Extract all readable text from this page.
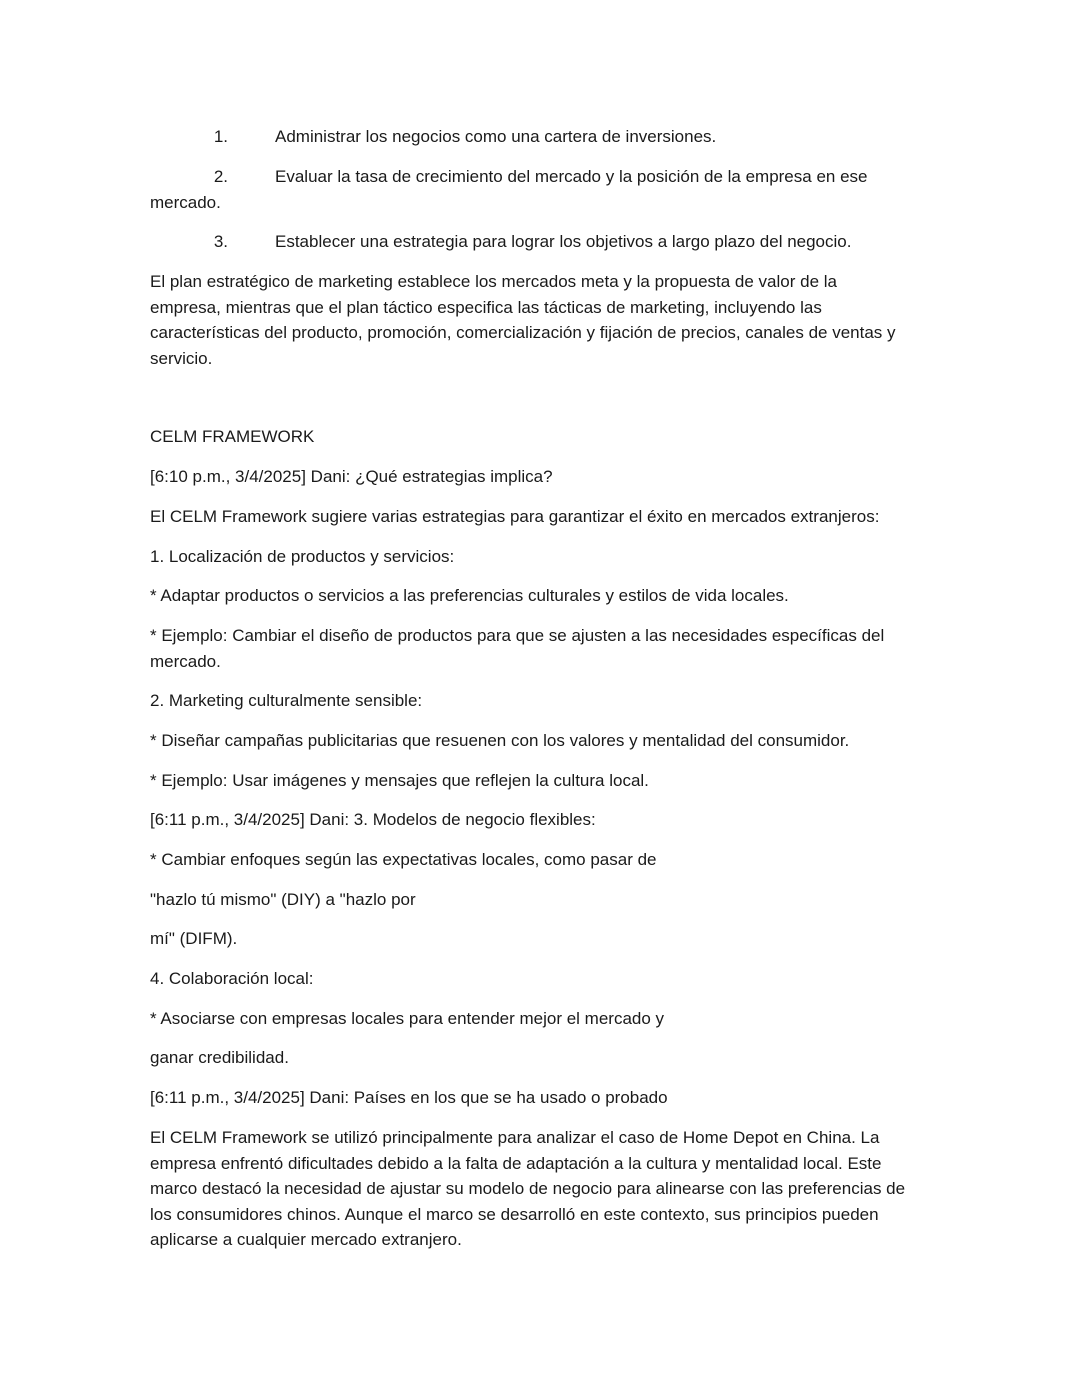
1.	Administrar los negocios como una cartera de inversiones.
2.	Evaluar la tasa de crecimiento del mercado y la posición de la empresa en ese
mercado.
3.	Establecer una estrategia para lograr los objetivos a largo plazo del negocio.
El plan estratégico de marketing establece los mercados meta y la propuesta de valor de la
empresa, mientras que el plan táctico especifica las tácticas de marketing, incluyendo las
características del producto, promoción, comercialización y fijación de precios, canales de ventas y
servicio.
CELM FRAMEWORK
[6:10 p.m., 3/4/2025] Dani: ¿Qué estrategias implica?
El CELM Framework sugiere varias estrategias para garantizar el éxito en mercados extranjeros:
1. Localización de productos y servicios:
* Adaptar productos o servicios a las preferencias culturales y estilos de vida locales.
* Ejemplo: Cambiar el diseño de productos para que se ajusten a las necesidades específicas del
mercado.
2. Marketing culturalmente sensible:
* Diseñar campañas publicitarias que resuenen con los valores y mentalidad del consumidor.
* Ejemplo: Usar imágenes y mensajes que reflejen la cultura local.
[6:11 p.m., 3/4/2025] Dani: 3. Modelos de negocio flexibles:
* Cambiar enfoques según las expectativas locales, como pasar de
"hazlo tú mismo" (DIY) a "hazlo por
mí" (DIFM).
4. Colaboración local:
* Asociarse con empresas locales para entender mejor el mercado y
ganar credibilidad.
[6:11 p.m., 3/4/2025] Dani: Países en los que se ha usado o probado
El CELM Framework se utilizó principalmente para analizar el caso de Home Depot en China. La
empresa enfrentó dificultades debido a la falta de adaptación a la cultura y mentalidad local. Este
marco destacó la necesidad de ajustar su modelo de negocio para alinearse con las preferencias de
los consumidores chinos. Aunque el marco se desarrolló en este contexto, sus principios pueden
aplicarse a cualquier mercado extranjero.
